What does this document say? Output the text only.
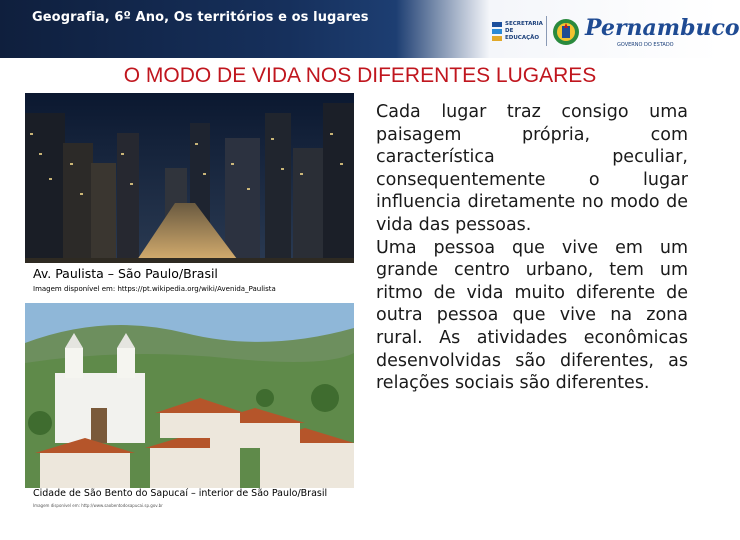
Geografia, 6º Ano, Os territórios e os lugares	SECRETARIA
DE EDUCAÇÃO Pernambuco
GOVERNO DO ESTADO
O MODO DE VIDA NOS DIFERENTES LUGARES
Av. Paulista – São Paulo/Brasil
Imagem disponível em: https://pt.wikipedia.org/wiki/Avenida_Paulista
Cidade de São Bento do Sapucaí – interior de São Paulo/Brasil
Imagem disponível em: http://www.saobentodosapucai.sp.gov.br

Cada lugar traz consigo uma paisagem própria, com característica peculiar, consequentemente o lugar influencia diretamente no modo de vida das pessoas.

Uma pessoa que vive em um grande centro urbano, tem um ritmo de vida muito diferente de outra pessoa que vive na zona rural. As atividades econômicas desenvolvidas são diferentes, as relações sociais são diferentes.
